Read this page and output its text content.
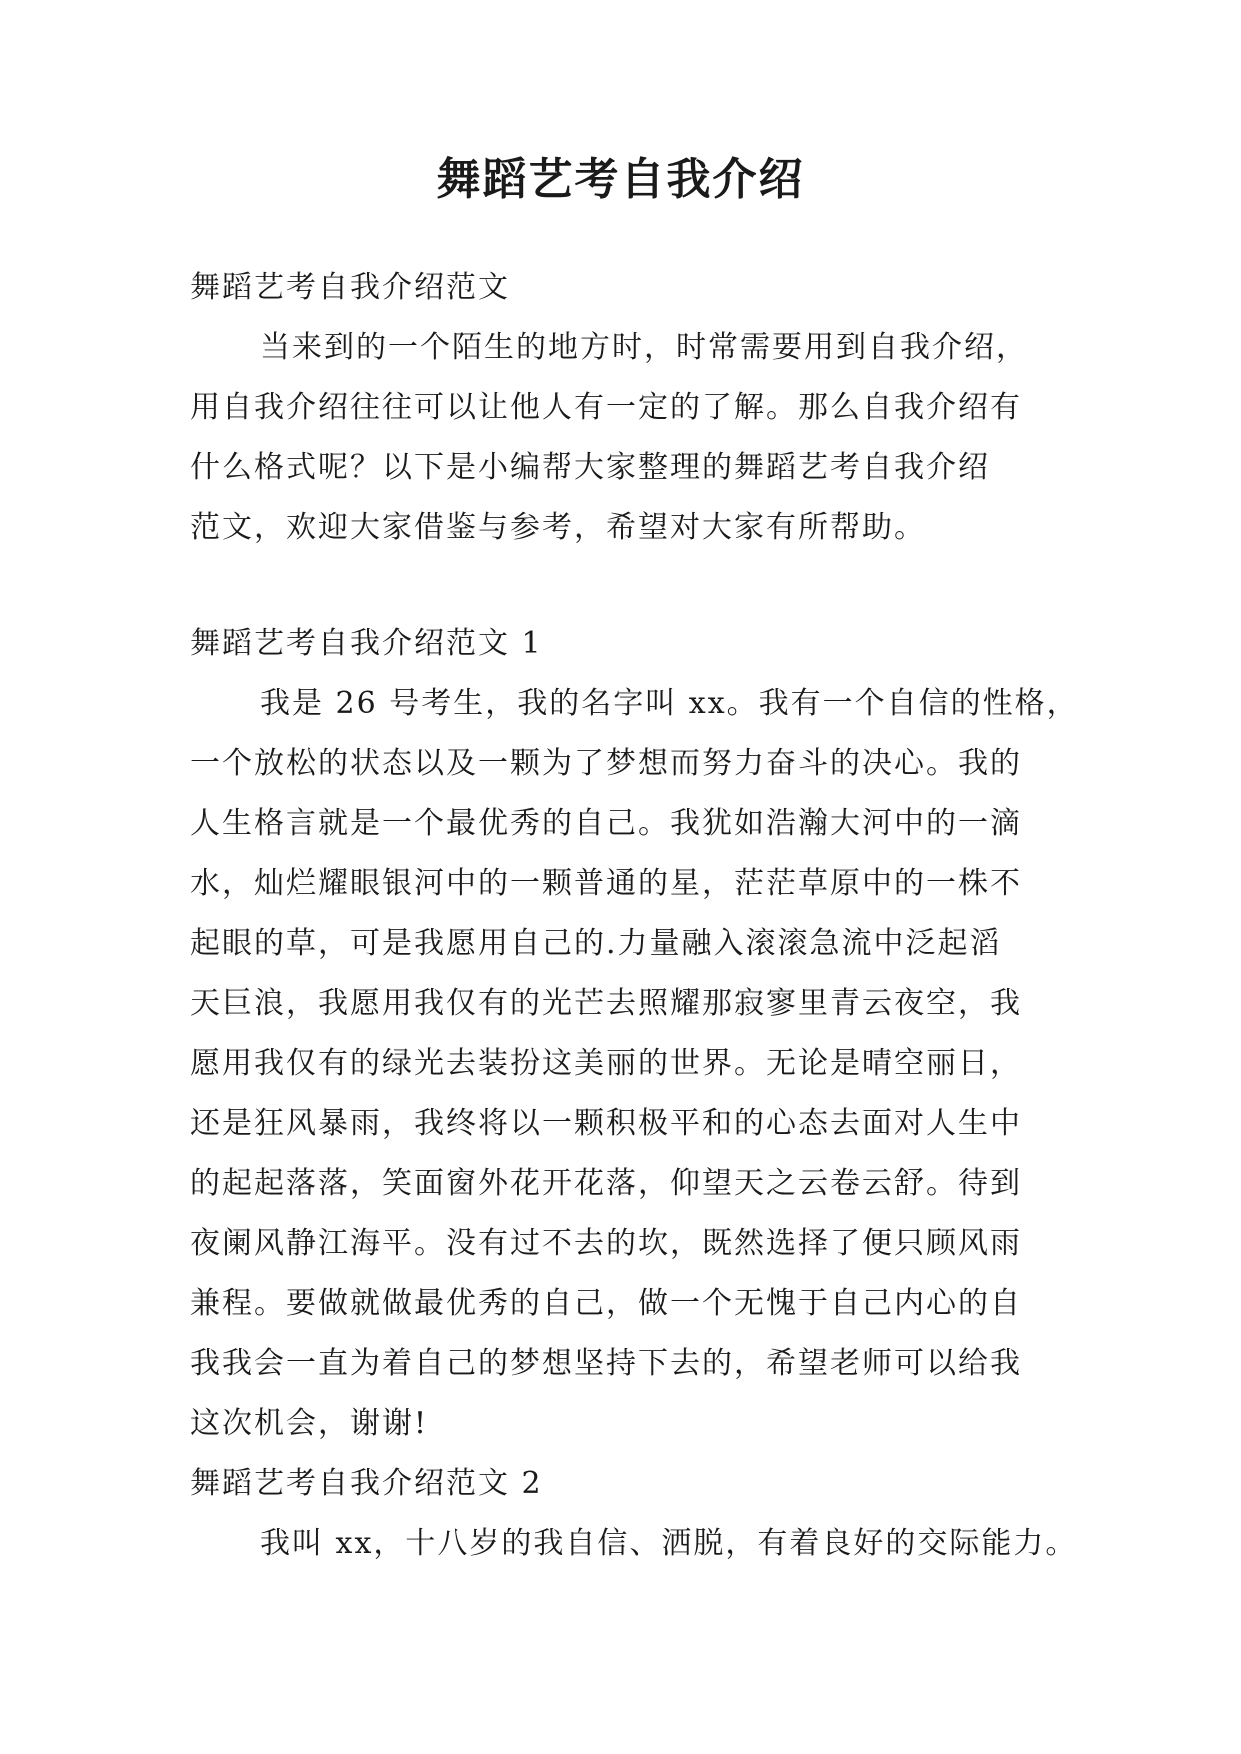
舞蹈艺考自我介绍

舞蹈艺考自我介绍范文

当来到的一个陌生的地方时，时常需要用到自我介绍，

用自我介绍往往可以让他人有一定的了解。那么自我介绍有

什么格式呢？以下是小编帮大家整理的舞蹈艺考自我介绍

范文，欢迎大家借鉴与参考，希望对大家有所帮助。

舞蹈艺考自我介绍范文 1

我是 26 号考生，我的名字叫 xx。我有一个自信的性格，

一个放松的状态以及一颗为了梦想而努力奋斗的决心。我的

人生格言就是一个最优秀的自己。我犹如浩瀚大河中的一滴

水，灿烂耀眼银河中的一颗普通的星，茫茫草原中的一株不

起眼的草，可是我愿用自己的.力量融入滚滚急流中泛起滔

天巨浪，我愿用我仅有的光芒去照耀那寂寥里青云夜空，我

愿用我仅有的绿光去装扮这美丽的世界。无论是晴空丽日，

还是狂风暴雨，我终将以一颗积极平和的心态去面对人生中

的起起落落，笑面窗外花开花落，仰望天之云卷云舒。待到

夜阑风静江海平。没有过不去的坎，既然选择了便只顾风雨

兼程。要做就做最优秀的自己，做一个无愧于自己内心的自

我我会一直为着自己的梦想坚持下去的，希望老师可以给我

这次机会，谢谢!

舞蹈艺考自我介绍范文 2

我叫 xx，十八岁的我自信、洒脱，有着良好的交际能力。
